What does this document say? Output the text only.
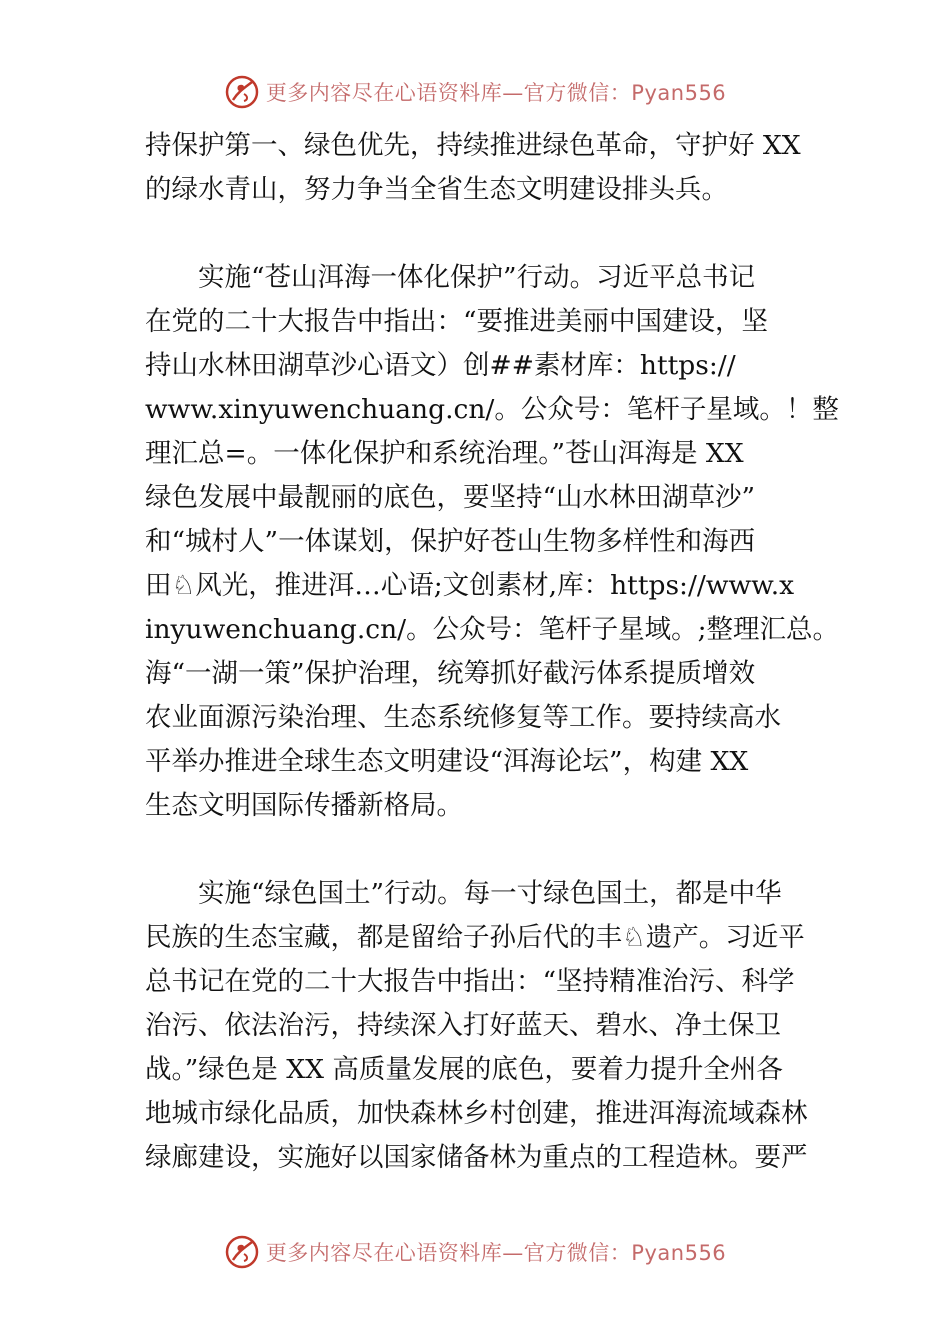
更多内容尽在心语资料库—官方微信：Pyan556
持保护第一、绿色优先，持续推进绿色革命，守护好 XX
的绿水青山，努力争当全省生态文明建设排头兵。
　　实施“苍山洱海一体化保护”行动。习近平总书记
在党的二十大报告中指出：“要推进美丽中国建设，坚
持山水林田湖草沙心语文）创##素材库：https://
www.xinyuwenchuang.cn/。公众号：笔杆子星域。！整
理汇总=。一体化保护和系统治理。”苍山洱海是 XX
绿色发展中最靓丽的底色，要坚持“山水林田湖草沙”
和“城村人”一体谋划，保护好苍山生物多样性和海西
田♘风光，推进洱…心语;文创素材,库：https://www.x
inyuwenchuang.cn/。公众号：笔杆子星域。;整理汇总。
海“一湖一策”保护治理，统筹抓好截污体系提质增效
农业面源污染治理、生态系统修复等工作。要持续高水
平举办推进全球生态文明建设“洱海论坛”，构建 XX
生态文明国际传播新格局。
　　实施“绿色国土”行动。每一寸绿色国土，都是中华
民族的生态宝藏，都是留给子孙后代的丰♘遗产。习近平
总书记在党的二十大报告中指出：“坚持精准治污、科学
治污、依法治污，持续深入打好蓝天、碧水、净土保卫
战。”绿色是 XX 高质量发展的底色，要着力提升全州各
地城市绿化品质，加快森林乡村创建，推进洱海流域森林
绿廊建设，实施好以国家储备林为重点的工程造林。要严
更多内容尽在心语资料库—官方微信：Pyan556
